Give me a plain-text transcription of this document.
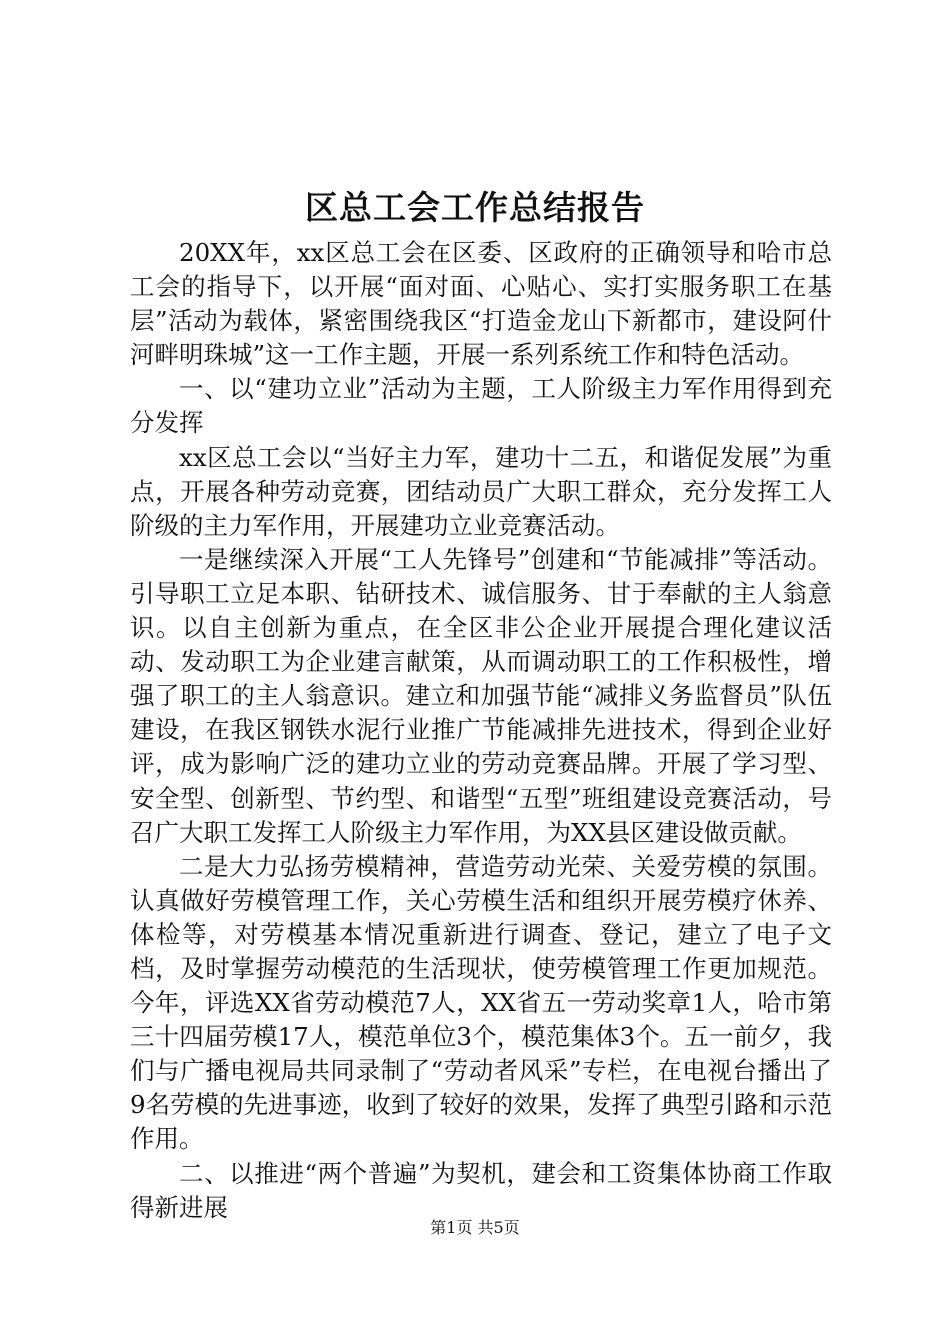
区总工会工作总结报告

20XX年，xx区总工会在区委、区政府的正确领导和哈市总工会的指导下，以开展“面对面、心贴心、实打实服务职工在基层”活动为载体，紧密围绕我区“打造金龙山下新都市，建设阿什河畔明珠城”这一工作主题，开展一系列系统工作和特色活动。

一、以“建功立业”活动为主题，工人阶级主力军作用得到充分发挥

xx区总工会以“当好主力军，建功十二五，和谐促发展”为重点，开展各种劳动竞赛，团结动员广大职工群众，充分发挥工人阶级的主力军作用，开展建功立业竞赛活动。

一是继续深入开展“工人先锋号”创建和“节能减排”等活动。引导职工立足本职、钻研技术、诚信服务、甘于奉献的主人翁意识。以自主创新为重点，在全区非公企业开展提合理化建议活动、发动职工为企业建言献策，从而调动职工的工作积极性，增强了职工的主人翁意识。建立和加强节能“减排义务监督员”队伍建设，在我区钢铁水泥行业推广节能减排先进技术，得到企业好评，成为影响广泛的建功立业的劳动竞赛品牌。开展了学习型、安全型、创新型、节约型、和谐型“五型”班组建设竞赛活动，号召广大职工发挥工人阶级主力军作用，为XX县区建设做贡献。

二是大力弘扬劳模精神，营造劳动光荣、关爱劳模的氛围。认真做好劳模管理工作，关心劳模生活和组织开展劳模疗休养、体检等，对劳模基本情况重新进行调查、登记，建立了电子文档，及时掌握劳动模范的生活现状，使劳模管理工作更加规范。今年，评选XX省劳动模范7人，XX省五一劳动奖章1人，哈市第三十四届劳模17人，模范单位3个，模范集体3个。五一前夕，我们与广播电视局共同录制了“劳动者风采”专栏，在电视台播出了9名劳模的先进事迹，收到了较好的效果，发挥了典型引路和示范作用。

二、以推进“两个普遍”为契机，建会和工资集体协商工作取得新进展

第1页 共5页
